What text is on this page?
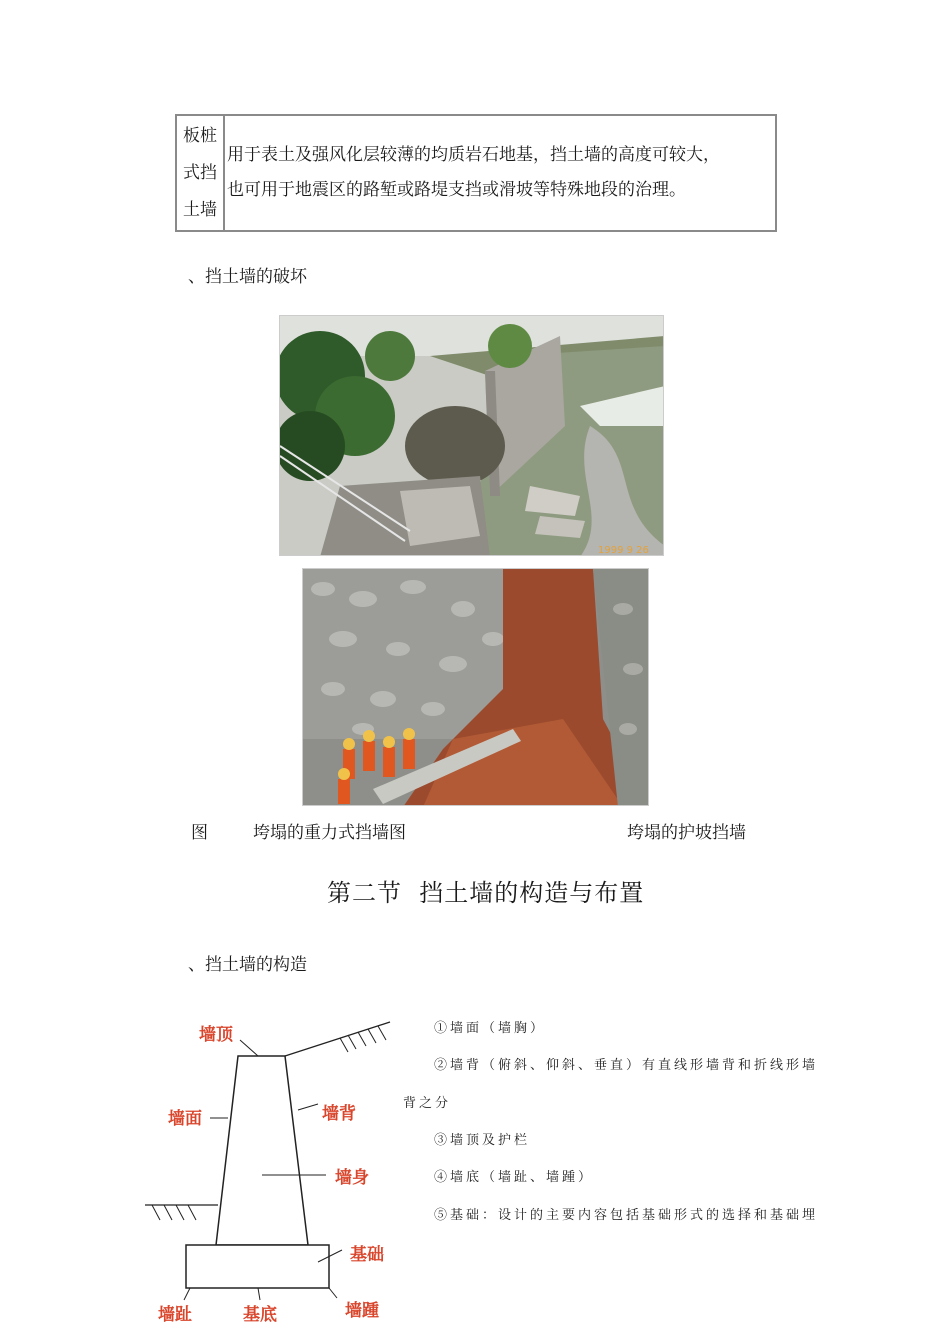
板桩
式挡
土墙
用于表土及强风化层较薄的均质岩石地基，挡土墙的高度可较大，
也可用于地震区的路堑或路堤支挡或滑坡等特殊地段的治理。
、挡土墙的破坏
1999 9 26
图	垮塌的重力式挡墙图	垮塌的护坡挡墙
第二节  挡土墙的构造与布置
、挡土墙的构造
墙顶
墙面	墙背
墙身
基础
墙趾	基底	墙踵
①墙面（墙胸）
②墙背（俯斜、仰斜、垂直）有直线形墙背和折线形墙
背之分
③墙顶及护栏
④墙底（墙趾、墙踵）
⑤基础：设计的主要内容包括基础形式的选择和基础埋
